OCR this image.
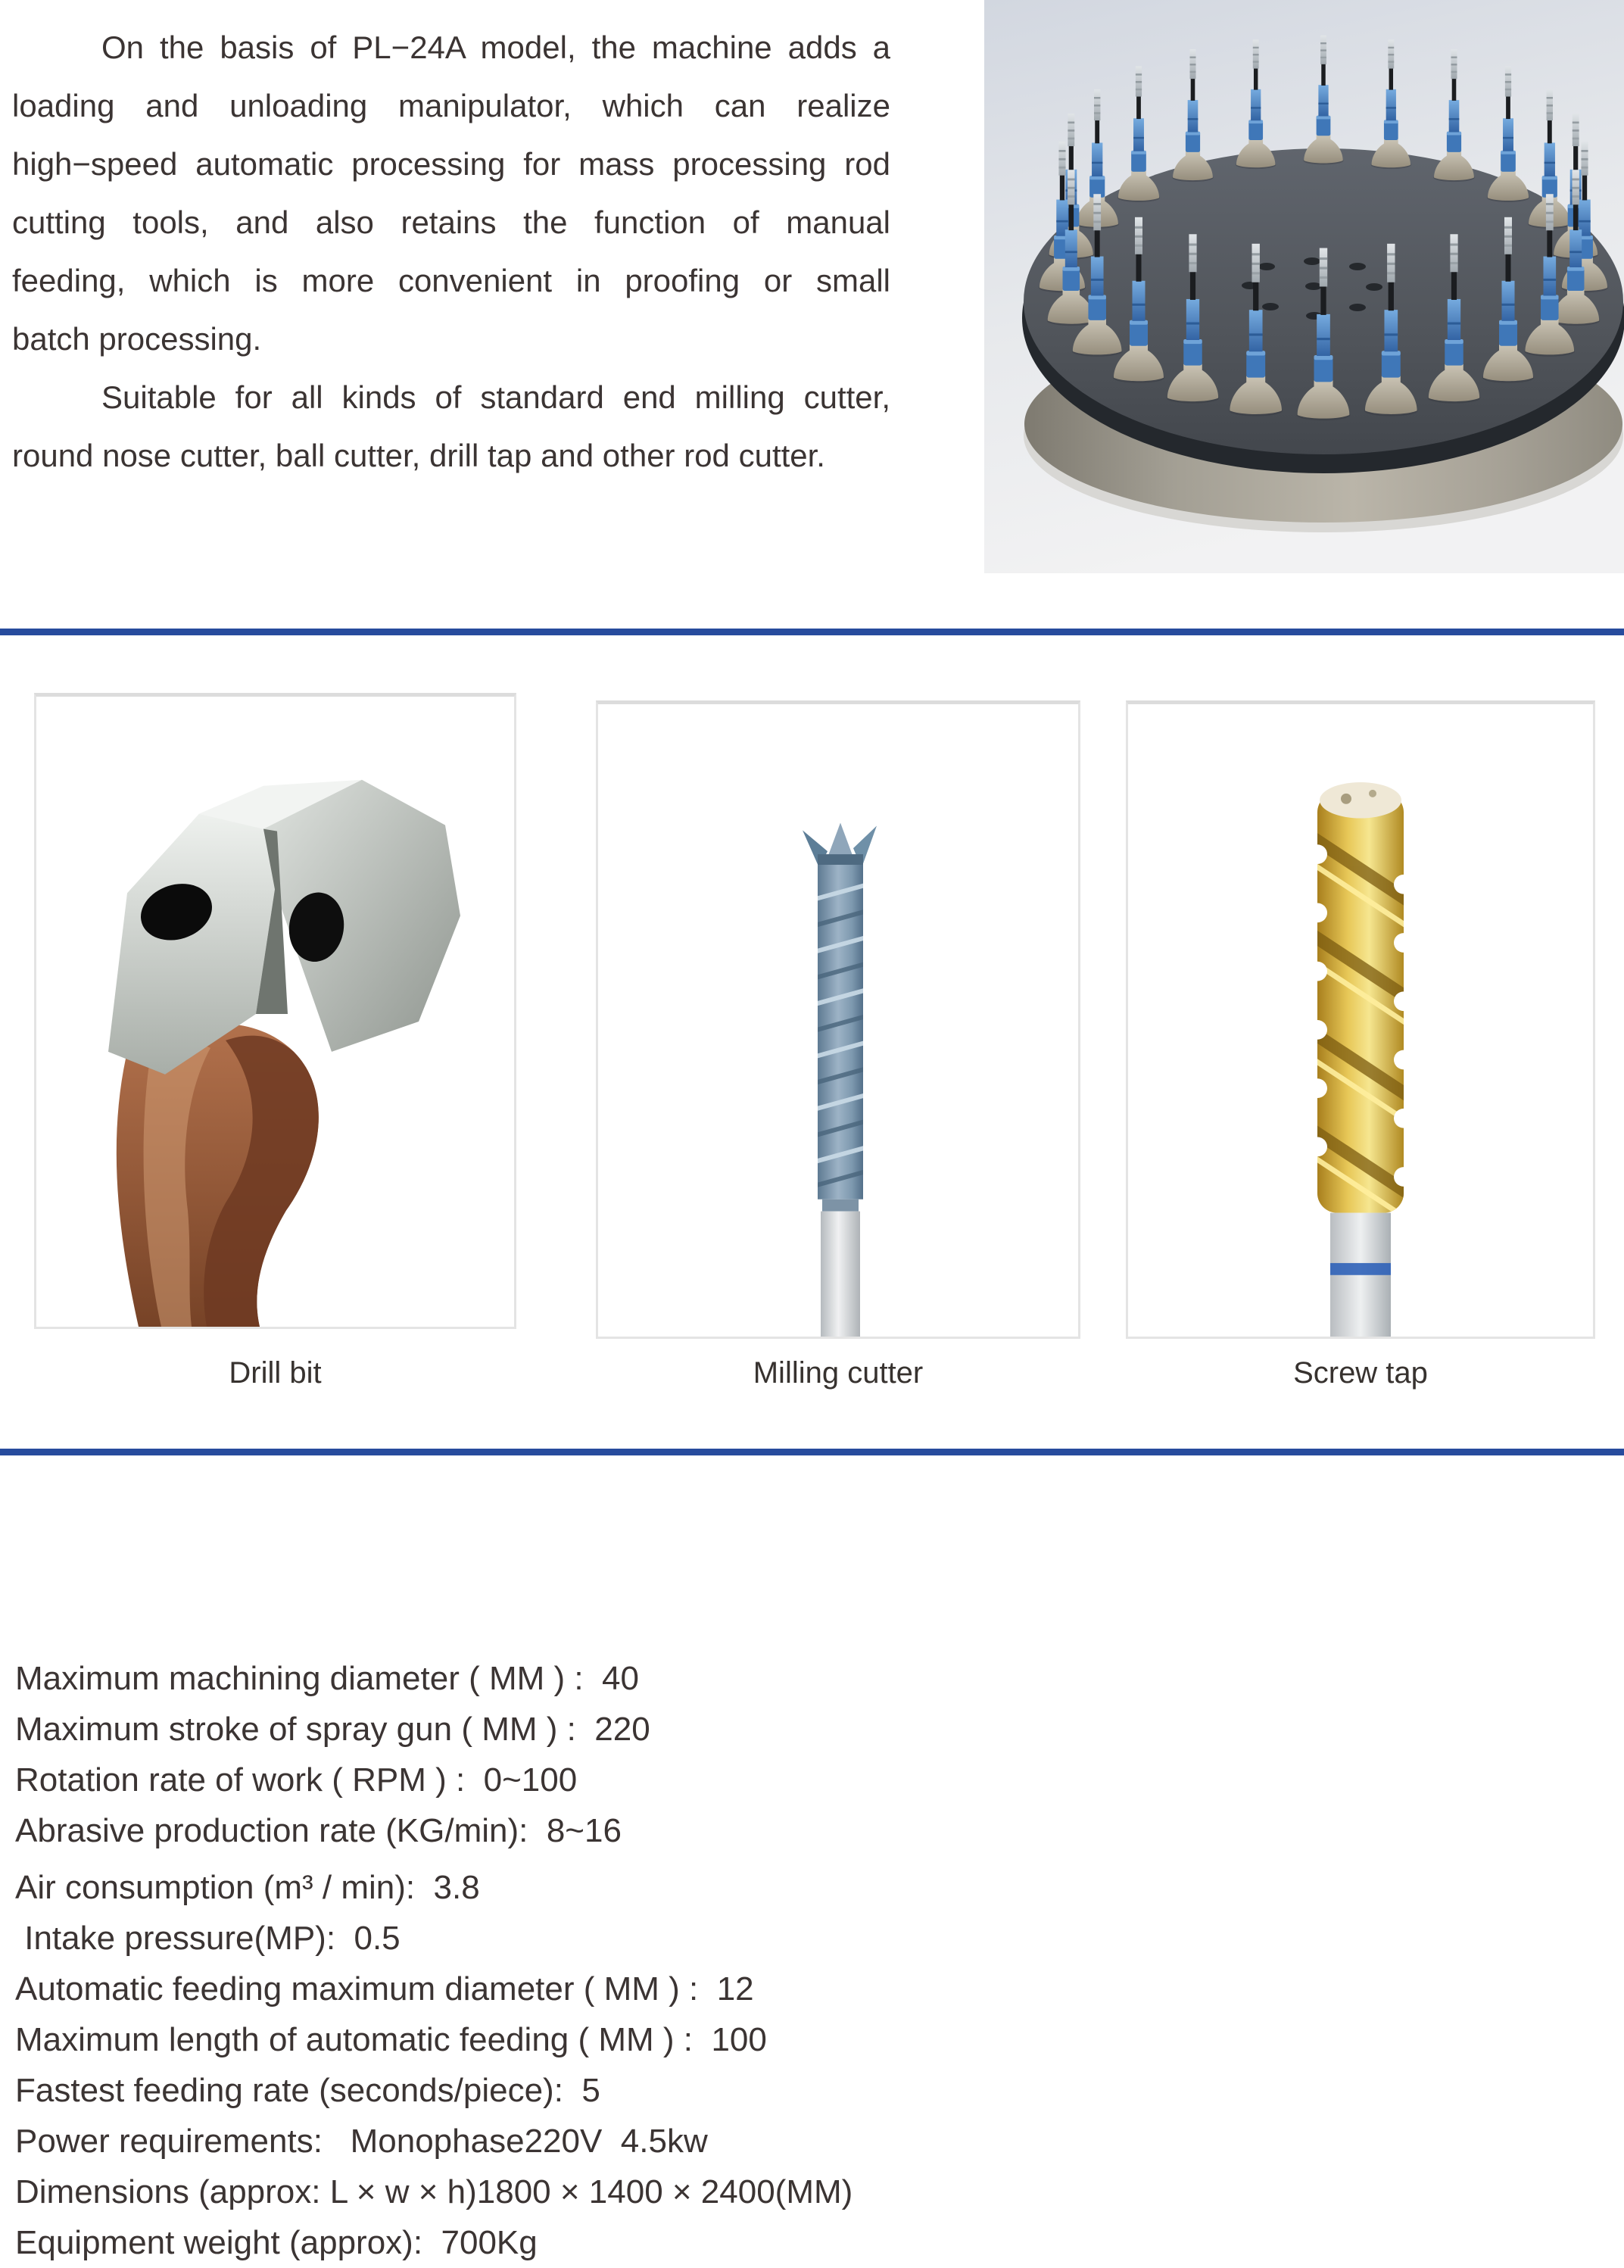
On the basis of PL−24A model, the machine adds a
loading and unloading manipulator, which can realize
high−speed automatic processing for mass processing rod
cutting tools, and also retains the function of manual
feeding, which is more convenient in proofing or small
batch processing.
Suitable for all kinds of standard end milling cutter,
round nose cutter, ball cutter, drill tap and other rod cutter.
Drill bit	Milling cutter	Screw tap

Maximum machining diameter ( MM ) :  40
Maximum stroke of spray gun ( MM ) :  220
Rotation rate of work ( RPM ) :  0~100
Abrasive production rate (KG/min):  8~16
Air consumption (m³ / min):  3.8
Intake pressure(MP):  0.5
Automatic feeding maximum diameter ( MM ) :  12
Maximum length of automatic feeding ( MM ) :  100
Fastest feeding rate (seconds/piece):  5
Power requirements:   Monophase220V  4.5kw
Dimensions (approx: L × w × h)1800 × 1400 × 2400(MM)
Equipment weight (approx):  700Kg
